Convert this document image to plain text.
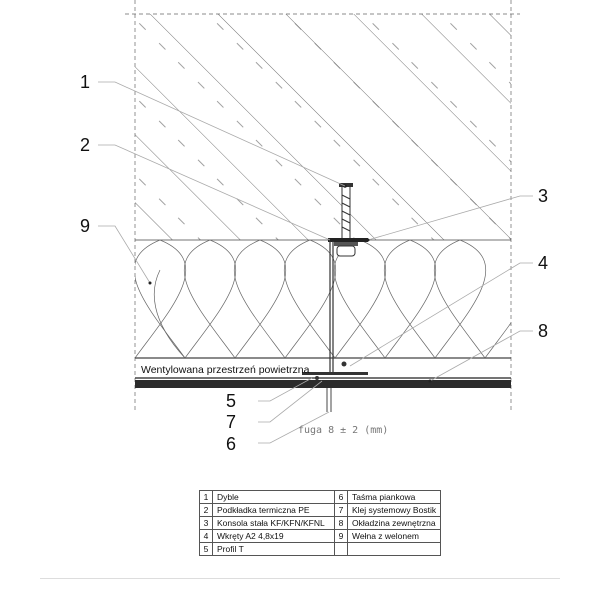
1
2
9
3
4
8
5
7
6
Wentylowana przestrzeń powietrzna
fuga 8 ± 2 (mm)
1	Dyble	6	Taśma piankowa
2	Podkładka termiczna PE	7	Klej systemowy Bostik
3	Konsola stała KF/KFN/KFNL	8	Okładzina zewnętrzna
4	Wkręty A2 4,8x19	9	Wełna z welonem
5	Profil T		
